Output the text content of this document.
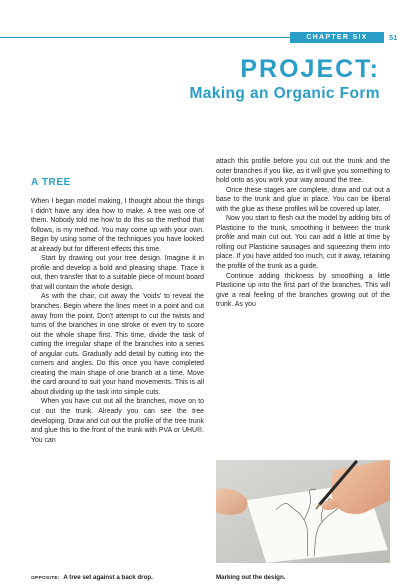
CHAPTER SIX	51
PROJECT:
Making an Organic Form
A TREE

When I began model making, I thought about the things I didn't have any idea how to make. A tree was one of them. Nobody told me how to do this so the method that follows, is my method. You may come up with your own. Begin by using some of the techniques you have looked at already but for different effects this time.

Start by drawing out your tree design. Imagine it in profile and develop a bold and pleasing shape. Trace it out, then transfer that to a suitable piece of mount board that will contain the whole design.

As with the chair, cut away the 'voids' to reveal the branches. Begin where the lines meet in a point and cut away from the point. Don't attempt to cut the twists and turns of the branches in one stroke or even try to score out the whole shape first. This time, divide the task of cutting the irregular shape of the branches into a series of angular cuts. Gradually add detail by cutting into the corners and angles. Do this once you have completed creating the main shape of one branch at a time. Move the card around to suit your hand movements. This is all about dividing up the task into simple cuts.

When you have cut out all the branches, move on to cut out the trunk. Already you can see the tree developing. Draw and cut out the profile of the tree trunk and glue this to the front of the trunk with PVA or UHU®. You can

attach this profile before you cut out the trunk and the outer branches if you like, as it will give you something to hold onto as you work your way around the tree.

Once these stages are complete, draw and cut out a base to the trunk and glue in place. You can be liberal with the glue as these profiles will be covered up later.

Now you start to flesh out the model by adding bits of Plasticine to the trunk, smoothing it between the trunk profile and main cut out. You can add a little at time by rolling out Plasticine sausages and squeezing them into place. If you have added too much, cut it away, retaining the profile of the trunk as a guide.

Continue adding thickness by smoothing a little Plasticine up into the first part of the branches. This will give a real feeling of the branches growing out of the trunk. As you

OPPOSITE: A tree set against a back drop.	Marking out the design.
